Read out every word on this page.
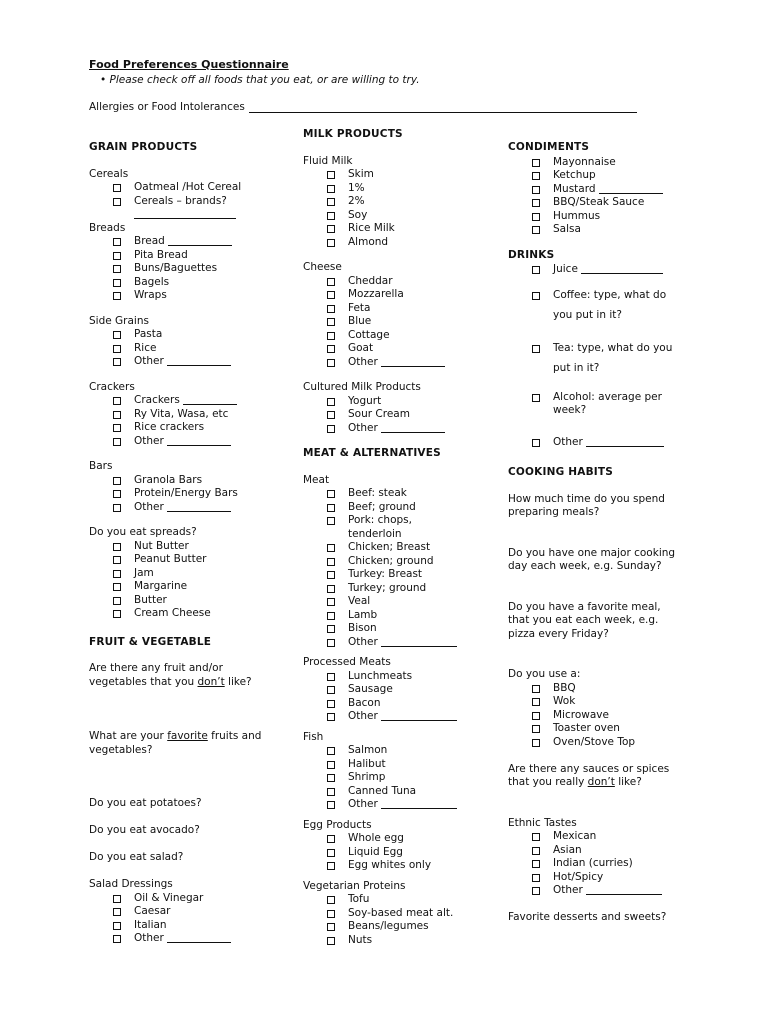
Food Preferences Questionnaire
• Please check off all foods that you eat, or are willing to try.
Allergies or Food Intolerances
GRAIN PRODUCTS
Cereals
Oatmeal /Hot Cereal
Cereals – brands?
Breads
Bread

Pita Bread
Buns/Baguettes
Bagels
Wraps
Side Grains
Pasta
Rice
Other

Crackers
Crackers

Ry Vita, Wasa, etc
Rice crackers
Other

Bars
Granola Bars
Protein/Energy Bars
Other

Do you eat spreads?
Nut Butter
Peanut Butter
Jam
Margarine
Butter
Cream Cheese
FRUIT & VEGETABLE
Are there any fruit and/or
vegetables that you don’t like?
What are your favorite fruits and
vegetables?
Do you eat potatoes?
Do you eat avocado?
Do you eat salad?
Salad Dressings
Oil & Vinegar
Caesar
Italian
Other

MILK PRODUCTS
Fluid Milk
Skim
1%
2%
Soy
Rice Milk
Almond
Cheese
Cheddar
Mozzarella
Feta
Blue
Cottage
Goat
Other

Cultured Milk Products
Yogurt
Sour Cream
Other

MEAT & ALTERNATIVES
Meat
Beef: steak
Beef; ground
Pork: chops,
tenderloin
Chicken; Breast
Chicken; ground
Turkey: Breast
Turkey; ground
Veal
Lamb
Bison
Other

Processed Meats
Lunchmeats
Sausage
Bacon
Other

Fish
Salmon
Halibut
Shrimp
Canned Tuna
Other

Egg Products
Whole egg
Liquid Egg
Egg whites only
Vegetarian Proteins
Tofu
Soy-based meat alt.
Beans/legumes
Nuts
CONDIMENTS
Mayonnaise
Ketchup
Mustard

BBQ/Steak Sauce
Hummus
Salsa
DRINKS
Juice

Coffee: type, what do
you put in it?
Tea: type, what do you
put in it?
Alcohol: average per
week?
Other

COOKING HABITS
How much time do you spend
preparing meals?
Do you have one major cooking
day each week, e.g. Sunday?
Do you have a favorite meal,
that you eat each week, e.g.
pizza every Friday?
Do you use a:
BBQ
Wok
Microwave
Toaster oven
Oven/Stove Top
Are there any sauces or spices
that you really don’t like?
Ethnic Tastes
Mexican
Asian
Indian (curries)
Hot/Spicy
Other

Favorite desserts and sweets?
